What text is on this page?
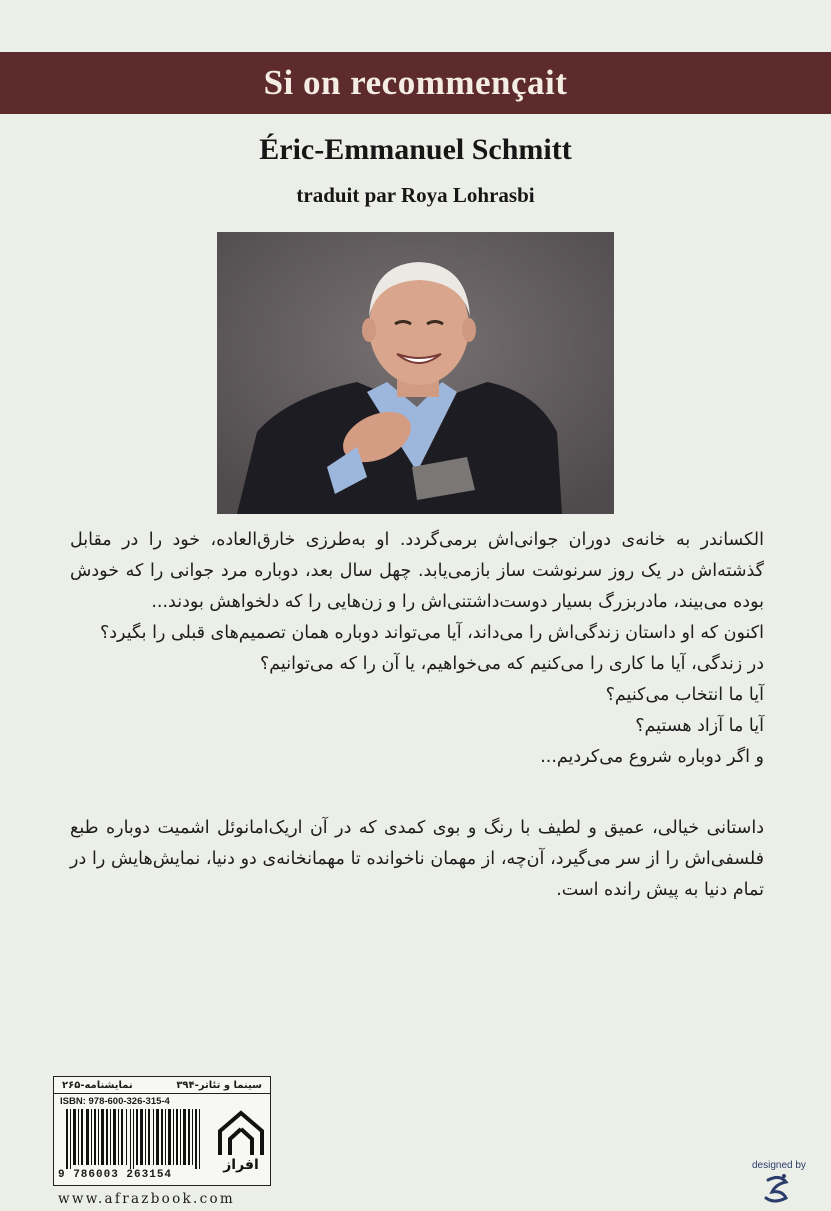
Si on recommençait
Éric-Emmanuel Schmitt
traduit par Roya Lohrasbi

الکساندر به خانه‌ی دوران جوانی‌اش برمی‌گردد. او به‌طرزی خارق‌العاده، خود را در مقابل گذشته‌اش در یک روز سرنوشت ساز بازمی‌یابد. چهل سال بعد، دوباره مرد جوانی را که خودش بوده می‌بیند، مادربزرگ بسیار دوست‌داشتنی‌اش را و زن‌هایی را که دلخواهش بودند...

اکنون که او داستان زندگی‌اش را می‌داند، آیا می‌تواند دوباره همان تصمیم‌های قبلی را بگیرد؟

در زندگی، آیا ما کاری را می‌کنیم که می‌خواهیم، یا آن را که می‌توانیم؟

آیا ما انتخاب می‌کنیم؟

آیا ما آزاد هستیم؟

و اگر دوباره شروع می‌کردیم...

داستانی خیالی، عمیق و لطیف با رنگ و بوی کمدی که در آن اریک‌امانوئل اشمیت دوباره طبع فلسفی‌اش را از سر می‌گیرد، آن‌چه، از مهمان ناخوانده تا مهمانخانه‌ی دو دنیا، نمایش‌هایش را در تمام دنیا به پیش رانده است.

سینما و تئاتر-۳۹۴
نمایشنامه-۲۶۵
ISBN: 978-600-326-315-4
9 786003 263154
افراز
www.afrazbook.com
designed by
